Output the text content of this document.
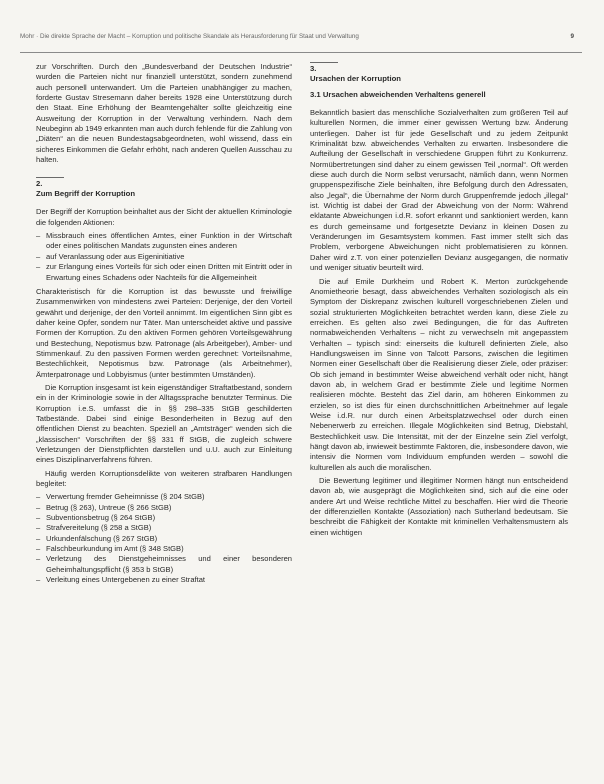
Mohr · Die direkte Sprache der Macht – Korruption und politische Skandale als Herausforderung für Staat und Verwaltung	9

zur Vorschriften. Durch den „Bundesverband der Deutschen Industrie“ wurden die Parteien nicht nur finanziell unterstützt, sondern zunehmend auch personell unterwandert. Um die Parteien unabhängiger zu machen, forderte Gustav Stresemann daher bereits 1928 eine Unterstützung durch den Staat. Eine Erhöhung der Beamtengehälter sollte gleichzeitig eine Ausweitung der Korruption in der Verwaltung verhindern. Nach dem Neubeginn ab 1949 erkannten man auch durch fehlende für die Zahlung von „Diäten“ an die neuen Bundestagsabgeordneten, wohl wissend, dass ein sicheres Einkommen die Gefahr erhöht, nach anderen Quellen Ausschau zu halten.

2.
Zum Begriff der Korruption

Der Begriff der Korruption beinhaltet aus der Sicht der aktuellen Kriminologie die folgenden Aktionen:

– Missbrauch eines öffentlichen Amtes, einer Funktion in der Wirtschaft oder eines politischen Mandats zugunsten eines anderen
– auf Veranlassung oder aus Eigeninitiative
– zur Erlangung eines Vorteils für sich oder einen Dritten mit Eintritt oder in Erwartung eines Schadens oder Nachteils für die Allgemeinheit

Charakteristisch für die Korruption ist das bewusste und freiwillige Zusammenwirken von mindestens zwei Parteien: Derjenige, der den Vorteil gewährt und derjenige, der den Vorteil annimmt. Im eigentlichen Sinn gibt es daher keine Opfer, sondern nur Täter. Man unterscheidet aktive und passive Formen der Korruption. Zu den aktiven Formen gehören Vorteilsgewährung und Bestechung, Nepotismus bzw. Patronage (als Arbeitgeber), Amber- und Stimmenkauf. Zu den passiven Formen werden gerechnet: Vorteilsnahme, Bestechlichkeit, Nepotismus bzw. Patronage (als Arbeitnehmer), Ämterpatronage und Lobbyismus (unter bestimmten Umständen).

Die Korruption insgesamt ist kein eigenständiger Straftatbestand, sondern ein in der Kriminologie sowie in der Alltagssprache benutzter Terminus. Die Korruption i.e.S. umfasst die in §§ 298–335 StGB geschilderten Tatbestände. Dabei sind einige Besonderheiten in Bezug auf den öffentlichen Dienst zu beachten. Speziell an „Amtsträger“ wenden sich die „klassischen“ Vorschriften der §§ 331 ff StGB, die zugleich schwere Verletzungen der Dienstpflichten darstellen und u.U. auch zur Einleitung eines Disziplinarverfahrens führen.

Häufig werden Korruptionsdelikte von weiteren strafbaren Handlungen begleitet:

– Verwertung fremder Geheimnisse (§ 204 StGB)
– Betrug (§ 263), Untreue (§ 266 StGB)
– Subventionsbetrug (§ 264 StGB)
– Strafvereitelung (§ 258 a StGB)
– Urkundenfälschung (§ 267 StGB)
– Falschbeurkundung im Amt (§ 348 StGB)
– Verletzung des Dienstgeheimnisses und einer besonderen Geheimhaltungspflicht (§ 353 b StGB)
– Verleitung eines Untergebenen zu einer Straftat
3.
Ursachen der Korruption
3.1 Ursachen abweichenden Verhaltens generell

Bekanntlich basiert das menschliche Sozialverhalten zum größeren Teil auf kulturellen Normen, die immer einer gewissen Wertung bzw. Änderung unterliegen. Daher ist für jede Gesellschaft und zu jedem Zeitpunkt Kriminalität bzw. abweichendes Verhalten zu erwarten. Insbesondere die Aufteilung der Gesellschaft in verschiedene Gruppen führt zu Konkurrenz. Normübertretungen sind daher zu einem gewissen Teil „normal“. Oft werden diese auch durch die Norm selbst verursacht, nämlich dann, wenn Normen gruppenspezifische Ziele beinhalten, ihre Befolgung durch den Adressaten, also „legal“, die Übernahme der Norm durch Gruppenfremde jedoch „illegal“ ist. Wichtig ist dabei der Grad der Abweichung von der Norm: Während eklatante Abweichungen i.d.R. sofort erkannt und sanktioniert werden, kann es durch gemeinsame und fortgesetzte Devianz in kleinen Dosen zu Veränderungen im Gesamtsystem kommen. Fast immer stellt sich das Problem, verborgene Abweichungen nicht problematisieren zu können. Daher wird z.T. von einer potenziellen Devianz ausgegangen, die normativ und weniger situativ beurteilt wird.

Die auf Emile Durkheim und Robert K. Merton zurückgehende Anomietheorie besagt, dass abweichendes Verhalten soziologisch als ein Symptom der Diskrepanz zwischen kulturell vorgeschriebenen Zielen und sozial strukturierten Möglichkeiten betrachtet werden kann, diese Ziele zu erreichen. Es gelten also zwei Bedingungen, die für das Auftreten normabweichenden Verhaltens – nicht zu verwechseln mit angepasstem Verhalten – typisch sind: einerseits die kulturell definierten Ziele, also Handlungsweisen im Sinne von Talcott Parsons, zwischen die legitimen Normen einer Gesellschaft über die Realisierung dieser Ziele, oder präziser: Ob sich jemand in bestimmter Weise abweichend verhält oder nicht, hängt davon ab, in welchem Grad er bestimmte Ziele und legitime Normen realisieren möchte. Besteht das Ziel darin, am höheren Einkommen zu erzielen, so ist dies für einen durchschnittlichen Arbeitnehmer auf legale Weise i.d.R. nur durch einen Arbeitsplatzwechsel oder durch einen Nebenerwerb zu erreichen. Illegale Möglichkeiten sind Betrug, Diebstahl, Bestechlichkeit usw. Die Intensität, mit der der Einzelne sein Ziel verfolgt, hängt davon ab, inwieweit bestimmte Faktoren, die, insbesondere davon, wie intensiv die Normen vom Individuum empfunden werden – sowohl die kulturellen als auch die moralischen.

Die Bewertung legitimer und illegitimer Normen hängt nun entscheidend davon ab, wie ausgeprägt die Möglichkeiten sind, sich auf die eine oder andere Art und Weise rechtliche Mittel zu beschaffen. Hier wird die Theorie der differenziellen Kontakte (Assoziation) nach Sutherland bedeutsam. Sie beschreibt die Fähigkeit der Kontakte mit kriminellen Verhaltensmustern als einen wichtigen
